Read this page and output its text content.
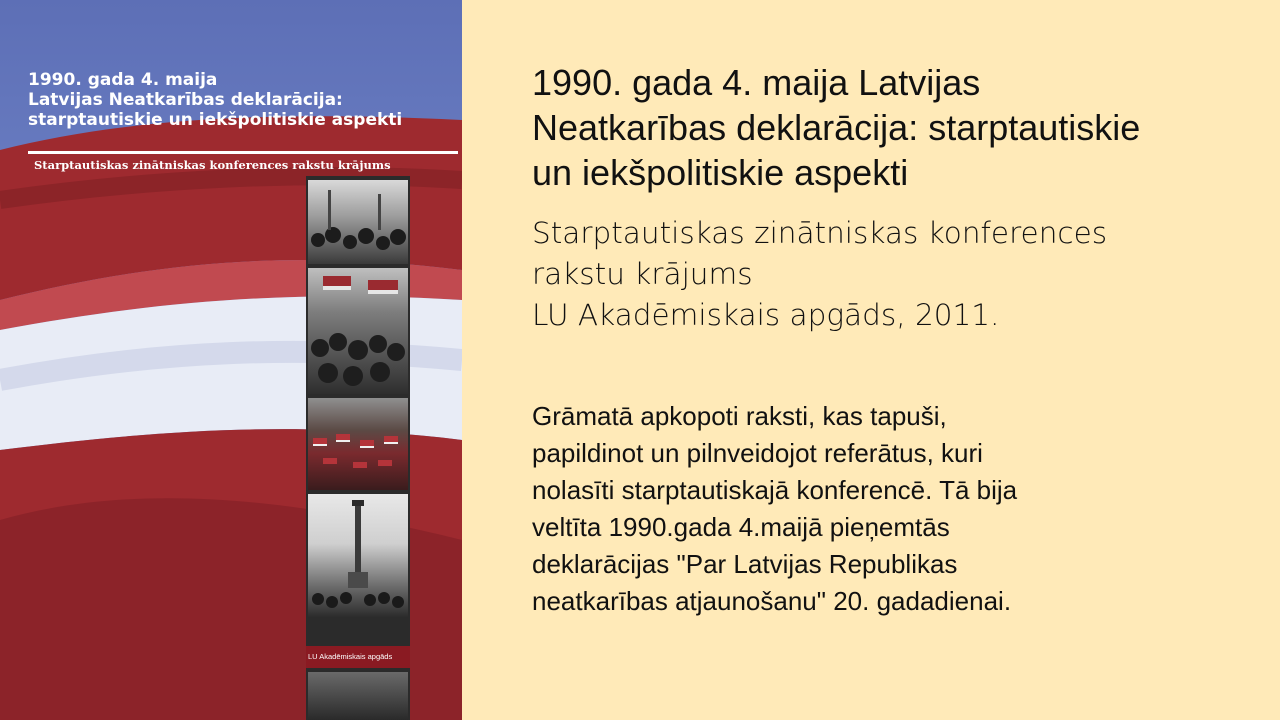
1990. gada 4. maija
Latvijas Neatkarības deklarācija:
starptautiskie un iekšpolitiskie aspekti
Starptautiskas zinātniskas konferences rakstu krājums
LU Akadēmiskais apgāds
1990. gada 4. maija Latvijas
Neatkarības deklarācija: starptautiskie
un iekšpolitiskie aspekti
Starptautiskas zinātniskas konferences
rakstu krājums
LU Akadēmiskais apgāds, 2011.
Grāmatā apkopoti raksti, kas tapuši,
papildinot un pilnveidojot referātus, kuri
nolasīti starptautiskajā konferencē. Tā bija
veltīta 1990.gada 4.maijā pieņemtās
deklarācijas "Par Latvijas Republikas
neatkarības atjaunošanu" 20. gadadienai.
